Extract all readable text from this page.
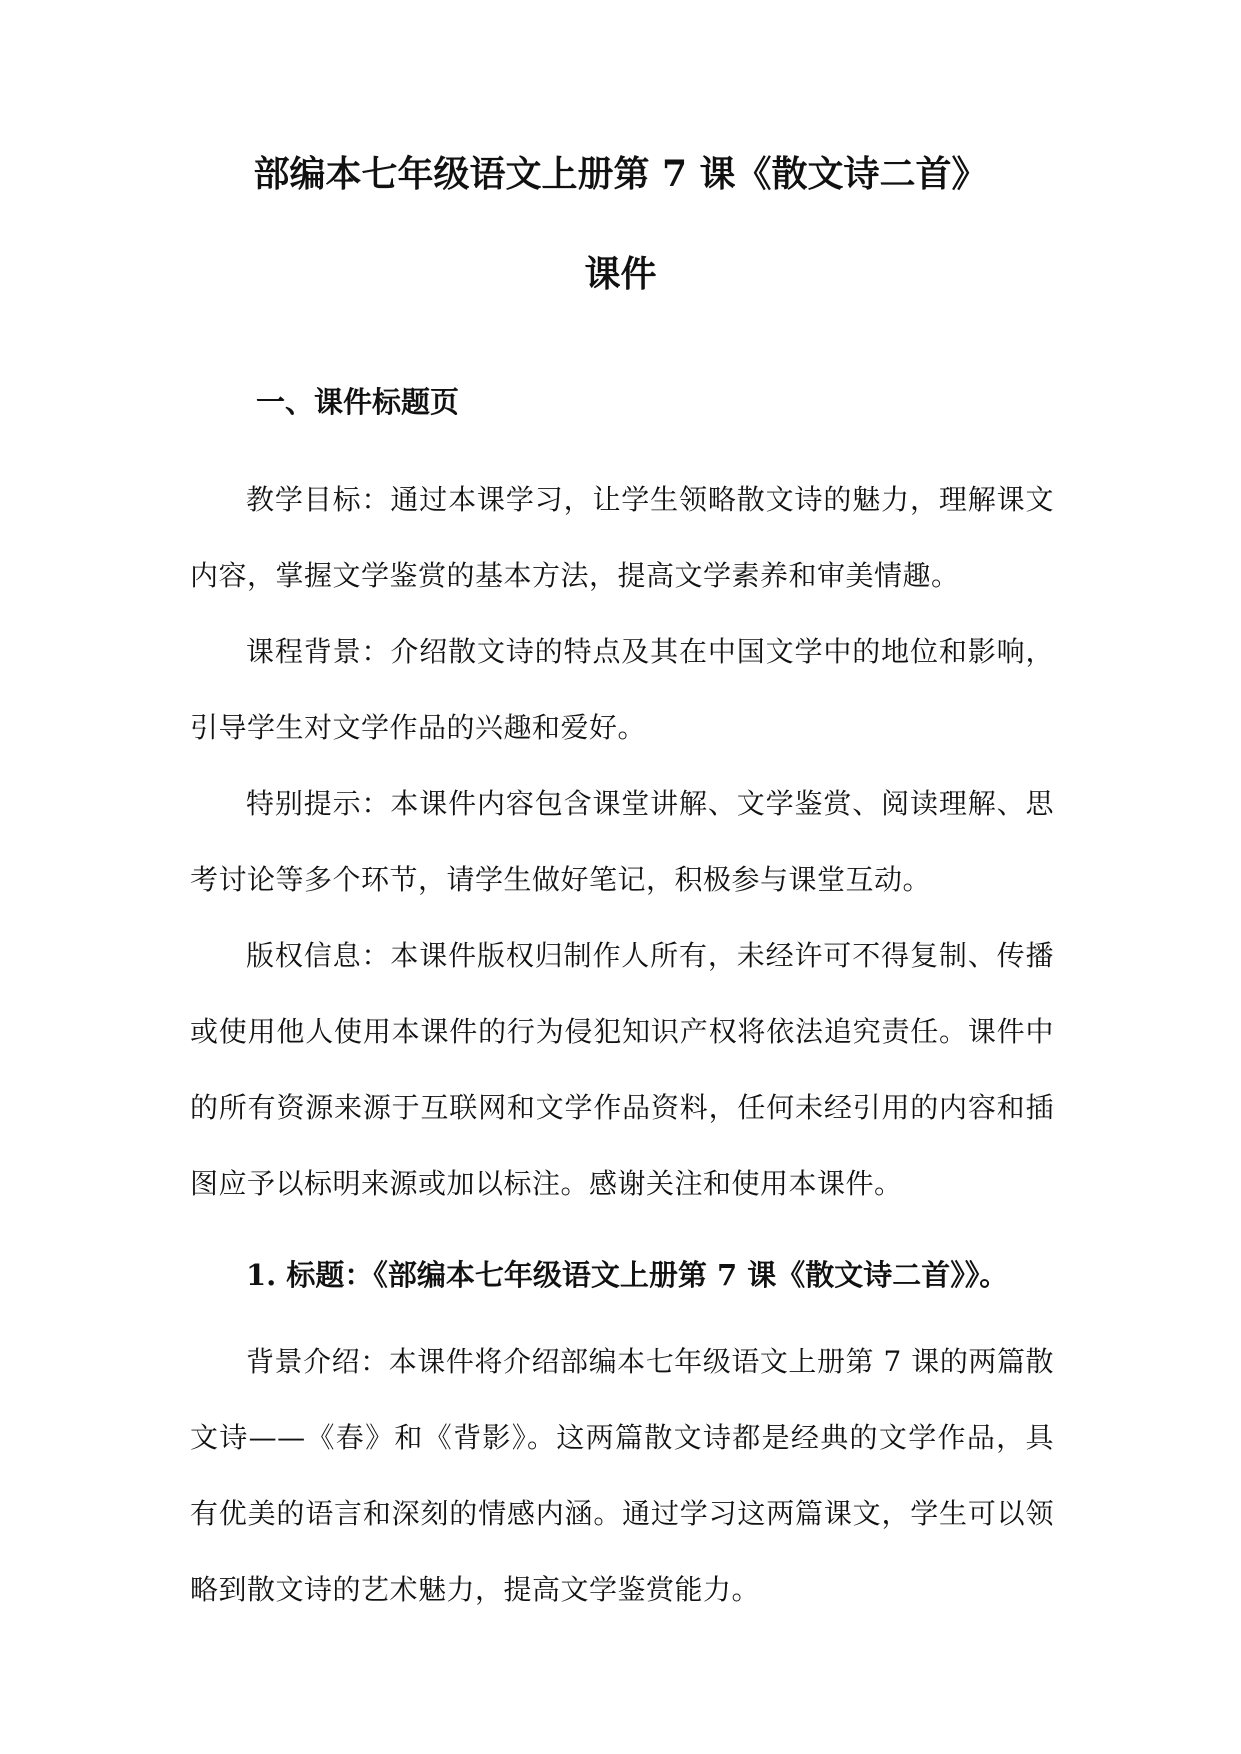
部编本七年级语文上册第 7 课《散文诗二首》
课件
一、课件标题页

教学目标：通过本课学习，让学生领略散文诗的魅力，理解课文内容，掌握文学鉴赏的基本方法，提高文学素养和审美情趣。

课程背景：介绍散文诗的特点及其在中国文学中的地位和影响，引导学生对文学作品的兴趣和爱好。

特别提示：本课件内容包含课堂讲解、文学鉴赏、阅读理解、思考讨论等多个环节，请学生做好笔记，积极参与课堂互动。

版权信息：本课件版权归制作人所有，未经许可不得复制、传播或使用他人使用本课件的行为侵犯知识产权将依法追究责任。课件中的所有资源来源于互联网和文学作品资料，任何未经引用的内容和插图应予以标明来源或加以标注。感谢关注和使用本课件。

1. 标题：《部编本七年级语文上册第 7 课《散文诗二首》》。

背景介绍：本课件将介绍部编本七年级语文上册第 7 课的两篇散文诗——《春》和《背影》。这两篇散文诗都是经典的文学作品，具有优美的语言和深刻的情感内涵。通过学习这两篇课文，学生可以领略到散文诗的艺术魅力，提高文学鉴赏能力。
